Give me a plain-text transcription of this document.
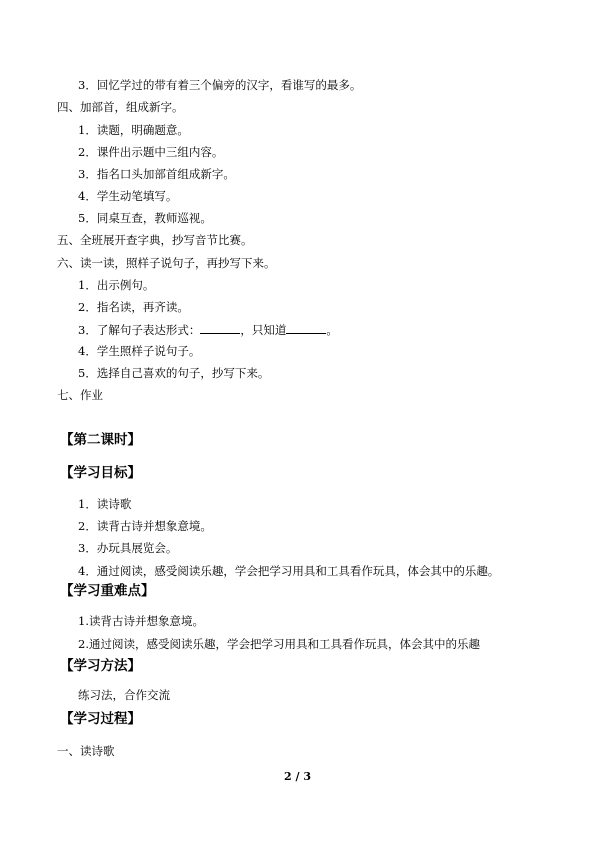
3．回忆学过的带有着三个偏旁的汉字，看谁写的最多。
四、加部首，组成新字。
1．读题，明确题意。
2．课件出示题中三组内容。
3．指名口头加部首组成新字。
4．学生动笔填写。
5．同桌互查，教师巡视。
五、全班展开查字典，抄写音节比赛。
六、读一读，照样子说句子，再抄写下来。
1．出示例句。
2．指名读，再齐读。
3．了解句子表达形式：	，只知道	。
4．学生照样子说句子。
5．选择自己喜欢的句子，抄写下来。
七、作业
【第二课时】
【学习目标】
1．读诗歌
2．读背古诗并想象意境。
3．办玩具展览会。
4．通过阅读，感受阅读乐趣，学会把学习用具和工具看作玩具，体会其中的乐趣。
【学习重难点】
1.读背古诗并想象意境。
2.通过阅读，感受阅读乐趣，学会把学习用具和工具看作玩具，体会其中的乐趣
【学习方法】
练习法，合作交流
【学习过程】
一、读诗歌
2 / 3
